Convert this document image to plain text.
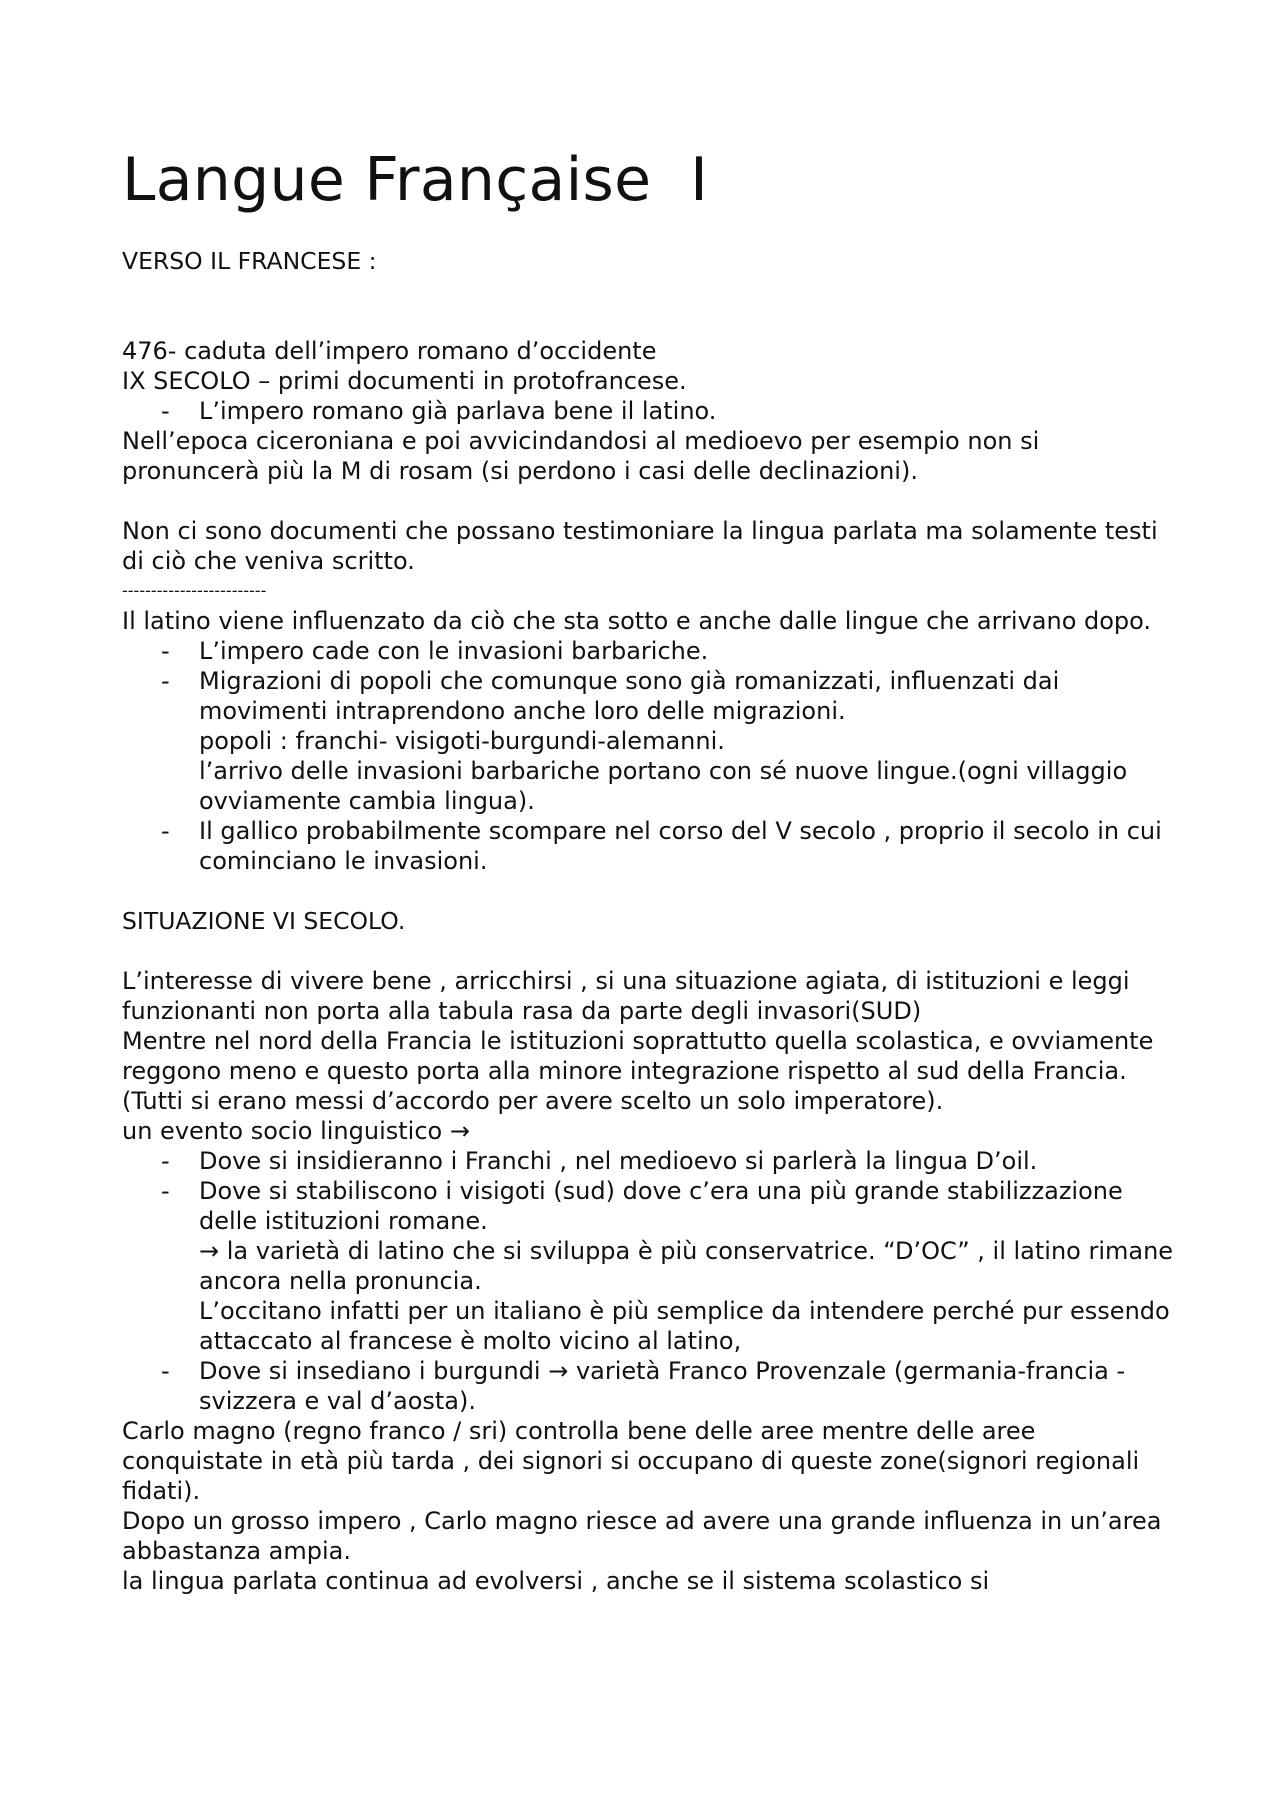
Langue Française  I

VERSO IL FRANCESE :

476- caduta dell’impero romano d’occidente

IX SECOLO – primi documenti in protofrancese.

- L’impero romano già parlava bene il latino.

Nell’epoca ciceroniana e poi avvicindandosi al medioevo per esempio non si pronuncerà più la M di rosam (si perdono i casi delle declinazioni).

Non ci sono documenti che possano testimoniare la lingua parlata ma solamente testi di ciò che veniva scritto.

-------------------------

Il latino viene influenzato da ciò che sta sotto e anche dalle lingue che arrivano dopo.

- L’impero cade con le invasioni barbariche.
- Migrazioni di popoli che comunque sono già romanizzati, influenzati dai movimenti intraprendono anche loro delle migrazioni.
popoli : franchi- visigoti-burgundi-alemanni.
l’arrivo delle invasioni barbariche portano con sé nuove lingue.(ogni villaggio ovviamente cambia lingua).
- Il gallico probabilmente scompare nel corso del V secolo , proprio il secolo in cui cominciano le invasioni.

SITUAZIONE VI SECOLO.

L’interesse di vivere bene , arricchirsi , si una situazione agiata, di istituzioni e leggi funzionanti non porta alla tabula rasa da parte degli invasori(SUD)

Mentre nel nord della Francia le istituzioni soprattutto quella scolastica, e ovviamente reggono meno e questo porta alla minore integrazione rispetto al sud della Francia.

(Tutti si erano messi d’accordo per avere scelto un solo imperatore).

un evento socio linguistico →

- Dove si insidieranno i Franchi , nel medioevo si parlerà la lingua D’oil.
- Dove si stabiliscono i visigoti (sud) dove c’era una più grande stabilizzazione delle istituzioni romane.
→ la varietà di latino che si sviluppa è più conservatrice. “D’OC” , il latino rimane ancora nella pronuncia.
L’occitano infatti per un italiano è più semplice da intendere perché pur essendo attaccato al francese è molto vicino al latino,
- Dove si insediano i burgundi → varietà Franco Provenzale (germania-francia -svizzera e val d’aosta).

Carlo magno (regno franco / sri) controlla bene delle aree mentre delle aree conquistate in età più tarda , dei signori si occupano di queste zone(signori regionali fidati).

Dopo un grosso impero , Carlo magno riesce ad avere una grande influenza in un’area abbastanza ampia.

la lingua parlata continua ad evolversi , anche se il sistema scolastico si
